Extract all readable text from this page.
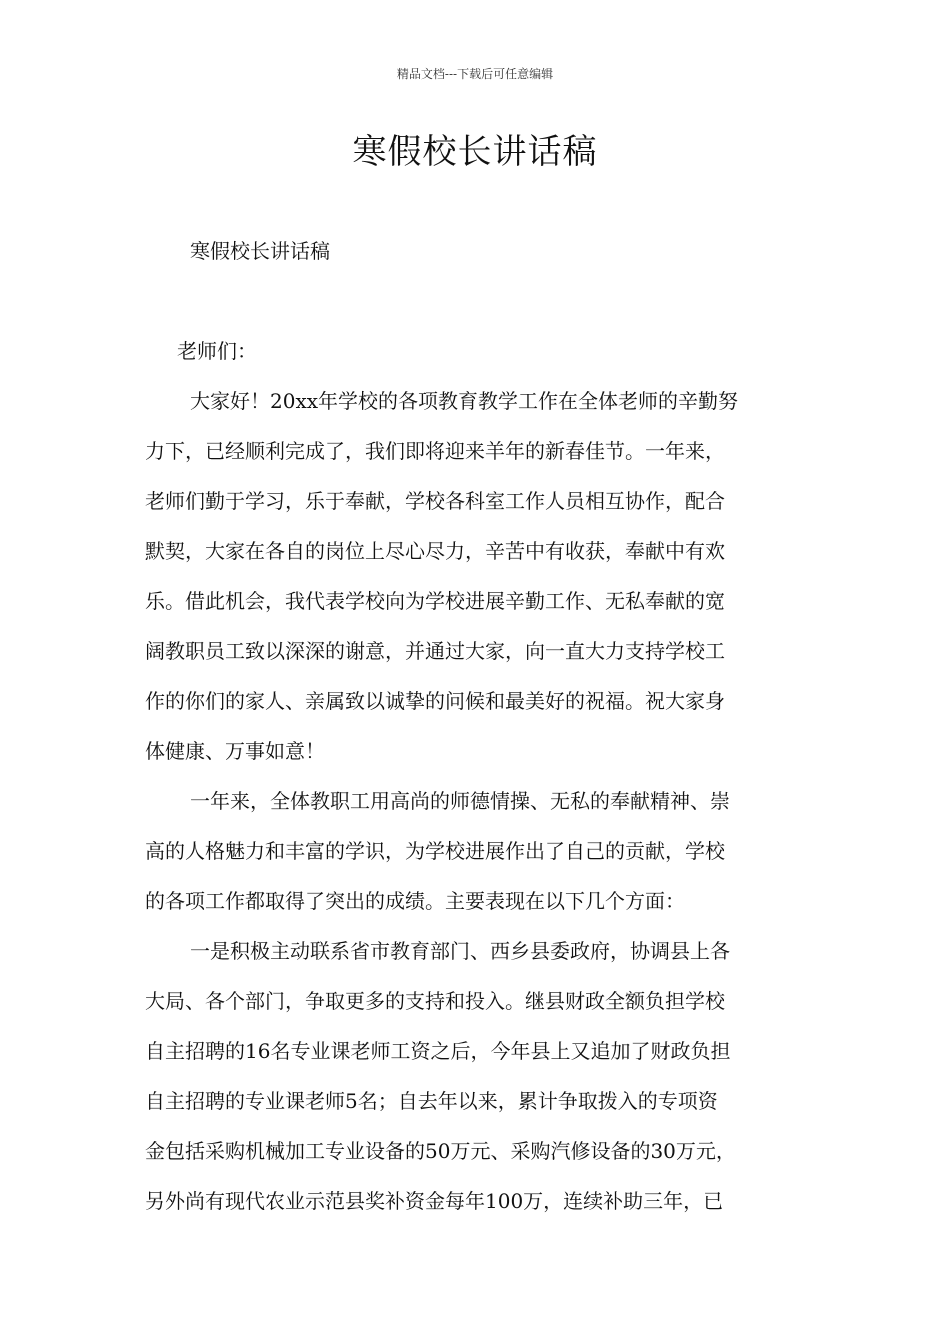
精品文档---下载后可任意编辑
寒假校长讲话稿
寒假校长讲话稿
老师们：

大家好！20xx年学校的各项教育教学工作在全体老师的辛勤努
力下，已经顺利完成了，我们即将迎来羊年的新春佳节。一年来，
老师们勤于学习，乐于奉献，学校各科室工作人员相互协作，配合
默契，大家在各自的岗位上尽心尽力，辛苦中有收获，奉献中有欢
乐。借此机会，我代表学校向为学校进展辛勤工作、无私奉献的宽
阔教职员工致以深深的谢意，并通过大家，向一直大力支持学校工
作的你们的家人、亲属致以诚挚的问候和最美好的祝福。祝大家身
体健康、万事如意！

一年来，全体教职工用高尚的师德情操、无私的奉献精神、崇
高的人格魅力和丰富的学识，为学校进展作出了自己的贡献，学校
的各项工作都取得了突出的成绩。主要表现在以下几个方面：

一是积极主动联系省市教育部门、西乡县委政府，协调县上各
大局、各个部门，争取更多的支持和投入。继县财政全额负担学校
自主招聘的16名专业课老师工资之后，今年县上又追加了财政负担
自主招聘的专业课老师5名；自去年以来，累计争取拨入的专项资
金包括采购机械加工专业设备的50万元、采购汽修设备的30万元，
另外尚有现代农业示范县奖补资金每年100万，连续补助三年，已
